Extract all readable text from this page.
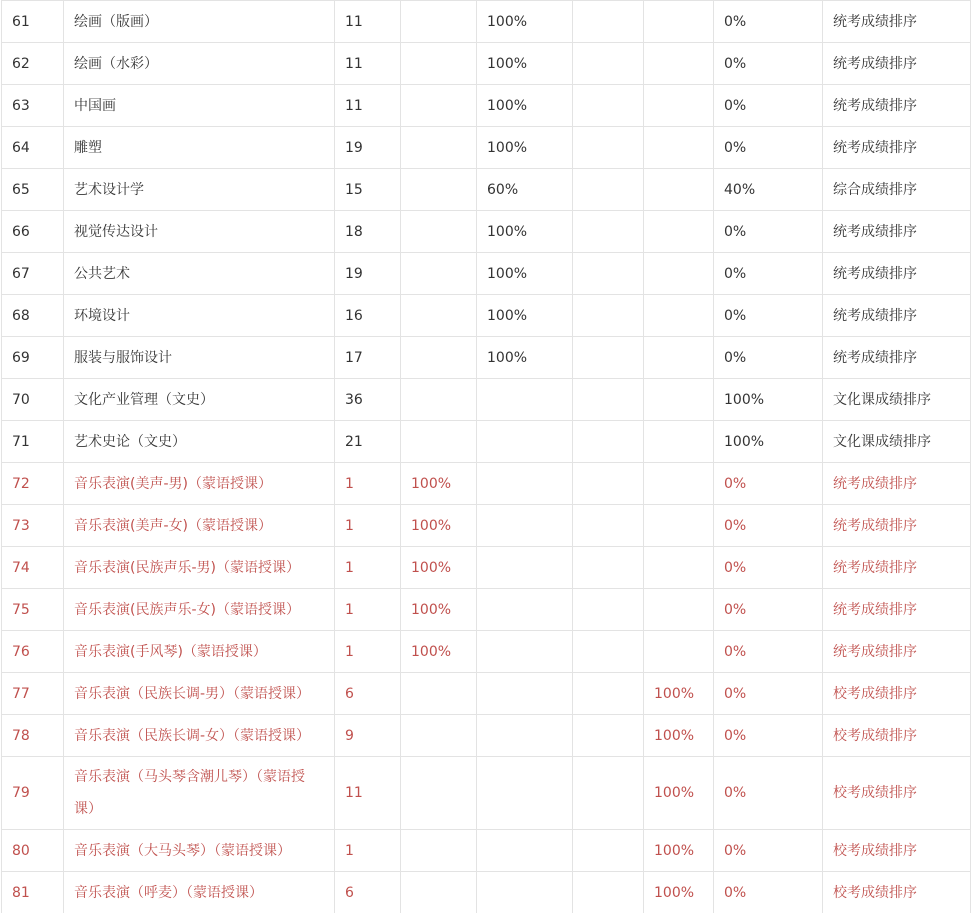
61	绘画（版画）	11		100%			0%	统考成绩排序
62	绘画（水彩）	11		100%			0%	统考成绩排序
63	中国画	11		100%			0%	统考成绩排序
64	雕塑	19		100%			0%	统考成绩排序
65	艺术设计学	15		60%			40%	综合成绩排序
66	视觉传达设计	18		100%			0%	统考成绩排序
67	公共艺术	19		100%			0%	统考成绩排序
68	环境设计	16		100%			0%	统考成绩排序
69	服装与服饰设计	17		100%			0%	统考成绩排序
70	文化产业管理（文史）	36					100%	文化课成绩排序
71	艺术史论（文史）	21					100%	文化课成绩排序
72	音乐表演(美声-男)（蒙语授课）	1	100%				0%	统考成绩排序
73	音乐表演(美声-女)（蒙语授课）	1	100%				0%	统考成绩排序
74	音乐表演(民族声乐-男)（蒙语授课）	1	100%				0%	统考成绩排序
75	音乐表演(民族声乐-女)（蒙语授课）	1	100%				0%	统考成绩排序
76	音乐表演(手风琴)（蒙语授课）	1	100%				0%	统考成绩排序
77	音乐表演（民族长调-男）（蒙语授课）	6				100%	0%	校考成绩排序
78	音乐表演（民族长调-女）（蒙语授课）	9				100%	0%	校考成绩排序
79	音乐表演（马头琴含潮儿琴）（蒙语授课）	11				100%	0%	校考成绩排序
80	音乐表演（大马头琴）（蒙语授课）	1				100%	0%	校考成绩排序
81	音乐表演（呼麦）（蒙语授课）	6				100%	0%	校考成绩排序
